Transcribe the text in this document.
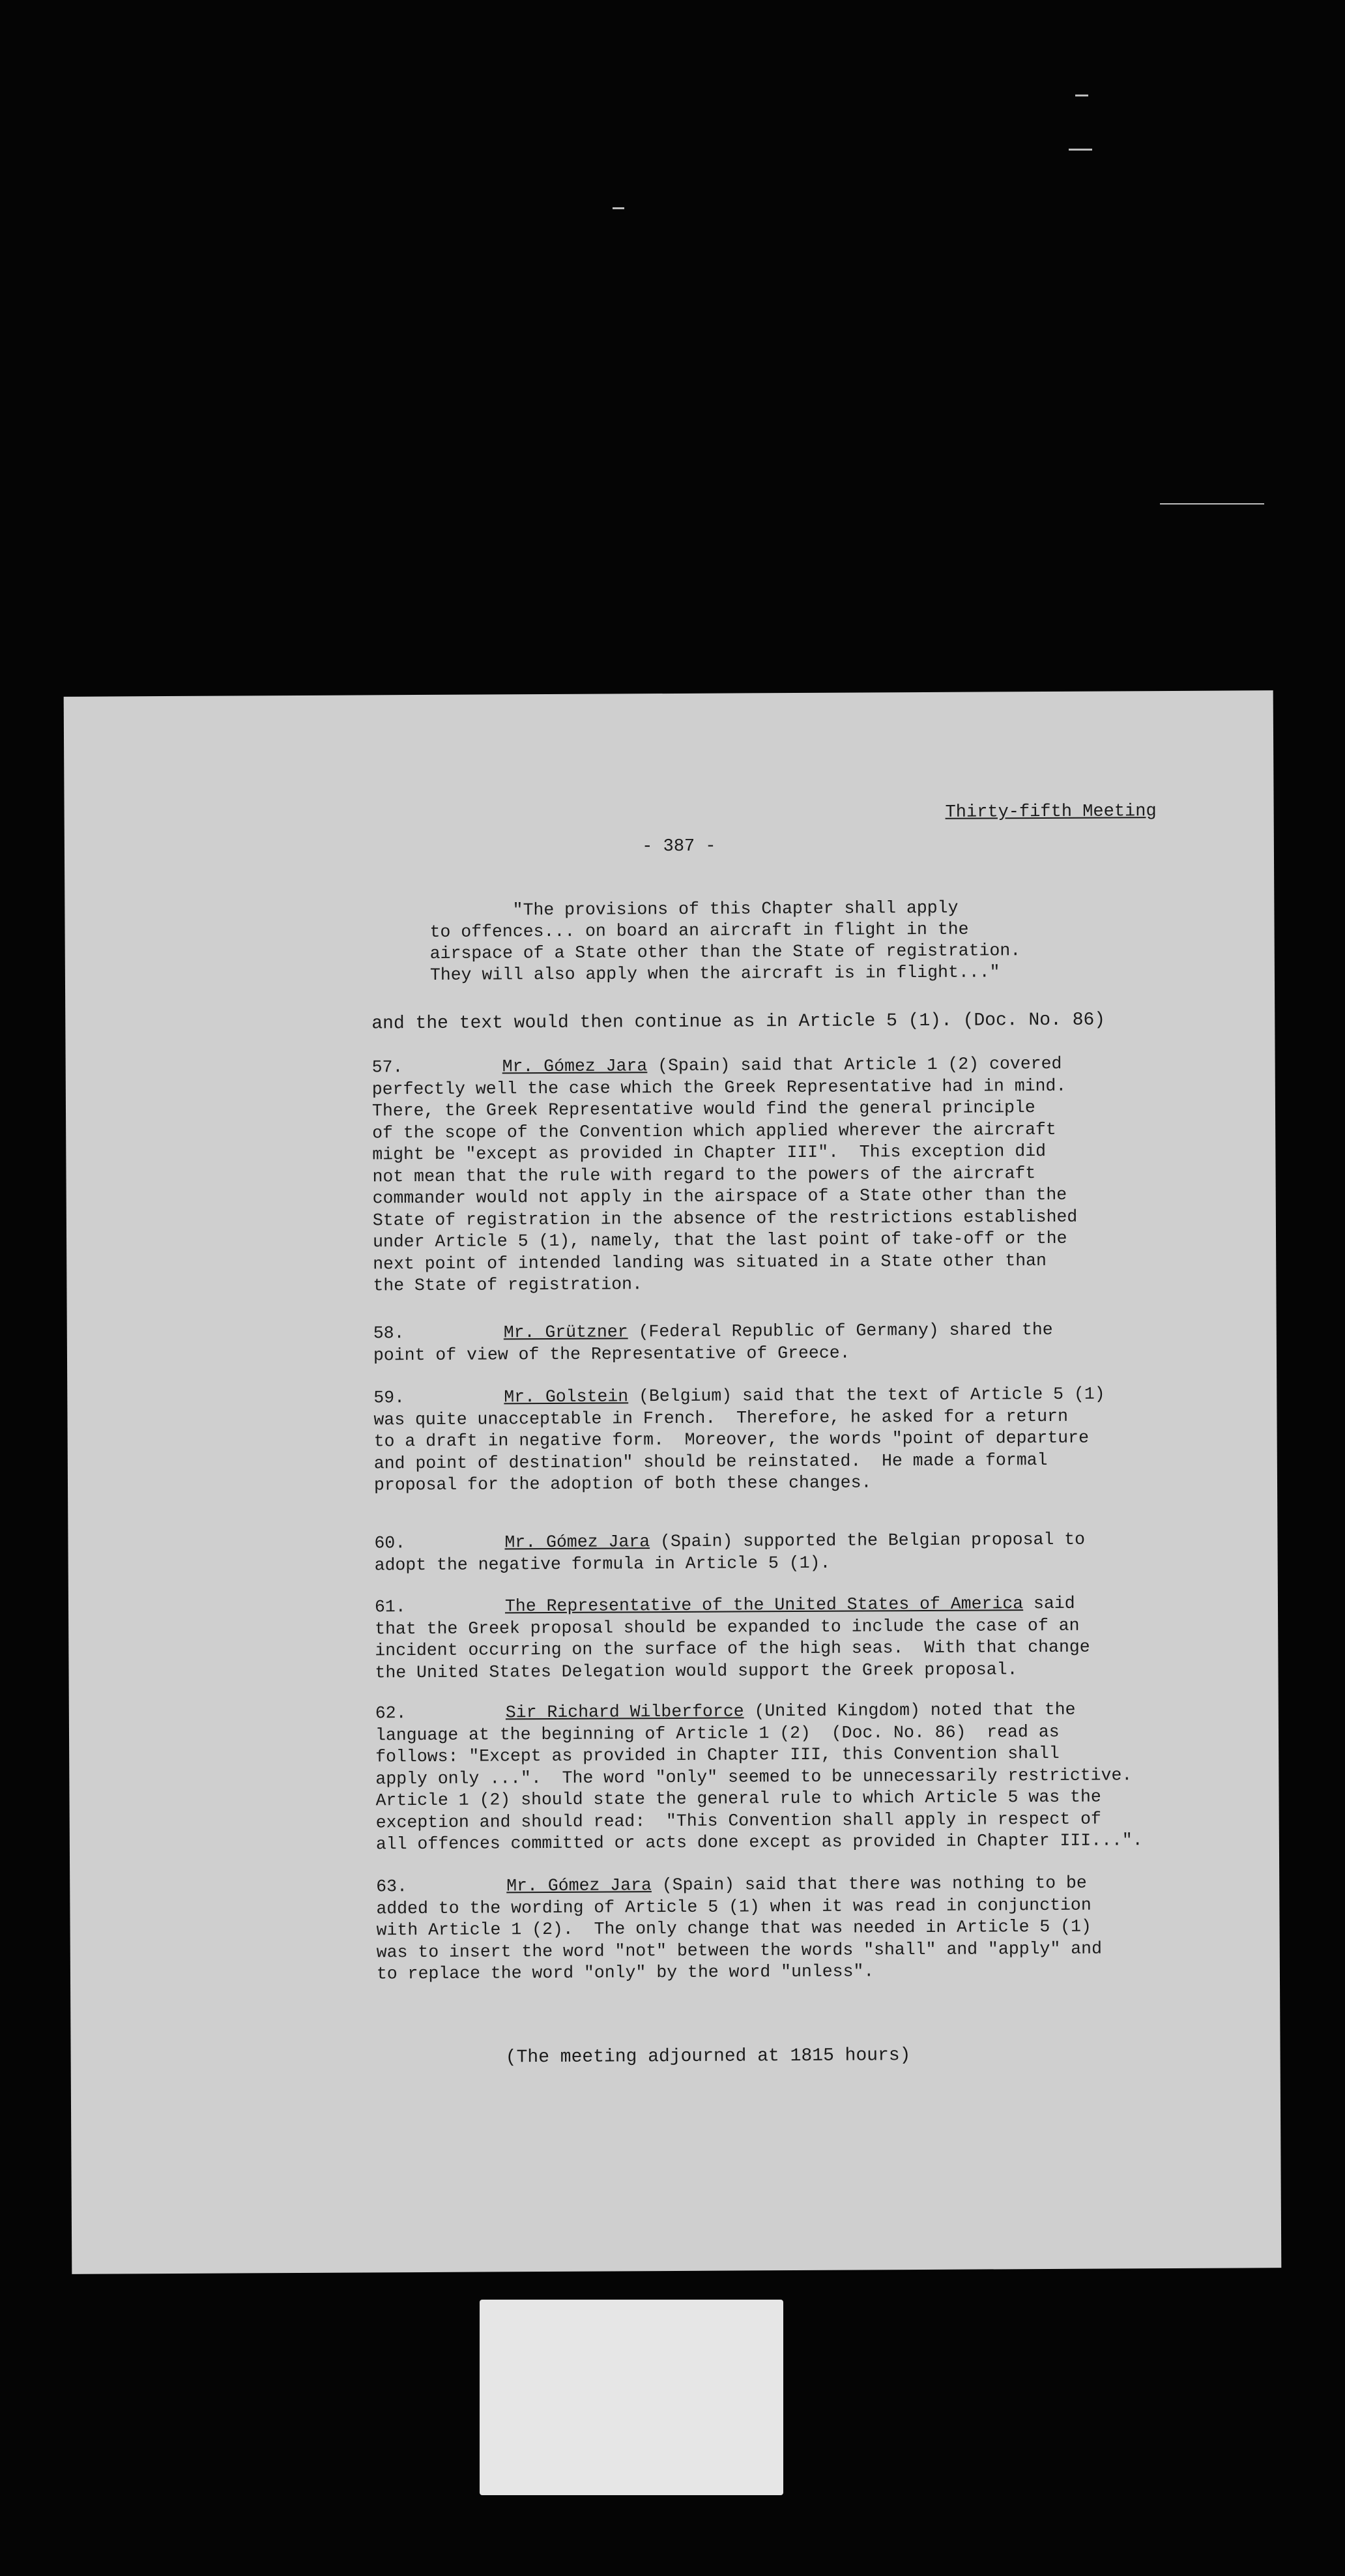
Thirty-fifth Meeting
- 387 -
"The provisions of this Chapter shall apply
to offences... on board an aircraft in flight in the
airspace of a State other than the State of registration.
They will also apply when the aircraft is in flight..."
and the text would then continue as in Article 5 (1). (Doc. No. 86)
57.	Mr. Gómez Jara (Spain) said that Article 1 (2) covered
perfectly well the case which the Greek Representative had in mind.
There, the Greek Representative would find the general principle
of the scope of the Convention which applied wherever the aircraft
might be "except as provided in Chapter III".  This exception did
not mean that the rule with regard to the powers of the aircraft
commander would not apply in the airspace of a State other than the
State of registration in the absence of the restrictions established
under Article 5 (1), namely, that the last point of take-off or the
next point of intended landing was situated in a State other than
the State of registration.
58.	Mr. Grützner (Federal Republic of Germany) shared the
point of view of the Representative of Greece.
59.	Mr. Golstein (Belgium) said that the text of Article 5 (1)
was quite unacceptable in French.  Therefore, he asked for a return
to a draft in negative form.  Moreover, the words "point of departure
and point of destination" should be reinstated.  He made a formal
proposal for the adoption of both these changes.
60.	Mr. Gómez Jara (Spain) supported the Belgian proposal to
adopt the negative formula in Article 5 (1).
61.	The Representative of the United States of America said
that the Greek proposal should be expanded to include the case of an
incident occurring on the surface of the high seas.  With that change
the United States Delegation would support the Greek proposal.
62.	Sir Richard Wilberforce (United Kingdom) noted that the
language at the beginning of Article 1 (2)  (Doc. No. 86)  read as
follows: "Except as provided in Chapter III, this Convention shall
apply only ...".  The word "only" seemed to be unnecessarily restrictive.
Article 1 (2) should state the general rule to which Article 5 was the
exception and should read:  "This Convention shall apply in respect of
all offences committed or acts done except as provided in Chapter III...".
63.	Mr. Gómez Jara (Spain) said that there was nothing to be
added to the wording of Article 5 (1) when it was read in conjunction
with Article 1 (2).  The only change that was needed in Article 5 (1)
was to insert the word "not" between the words "shall" and "apply" and
to replace the word "only" by the word "unless".
(The meeting adjourned at 1815 hours)
